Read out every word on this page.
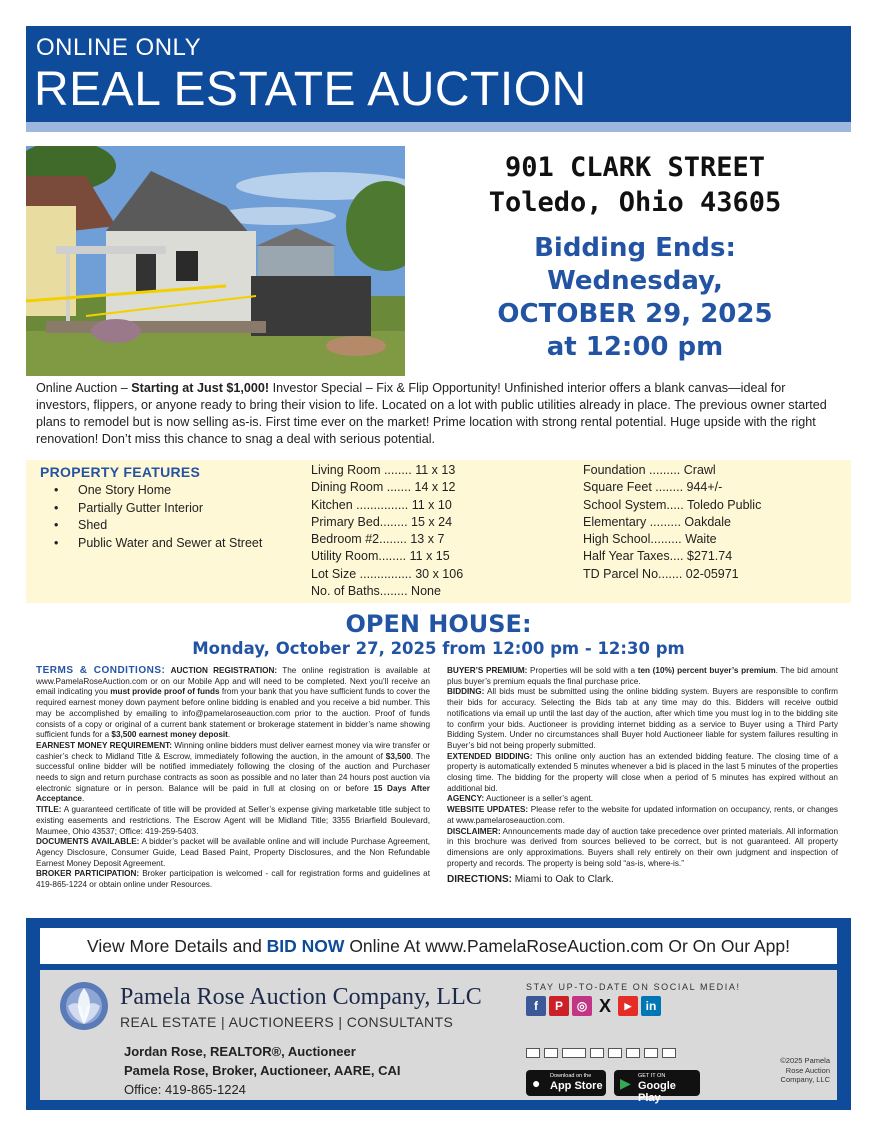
ONLINE ONLY
REAL ESTATE AUCTION
901 CLARK STREET
Toledo, Ohio 43605
Bidding Ends:
Wednesday,
OCTOBER 29, 2025
at 12:00 pm
Online Auction – Starting at Just $1,000! Investor Special – Fix & Flip Opportunity! Unfinished interior offers a blank canvas—ideal for investors, flippers, or anyone ready to bring their vision to life. Located on a lot with public utilities already in place. The previous owner started plans to remodel but is now selling as-is. First time ever on the market! Prime location with strong rental potential. Huge upside with the right renovation! Don’t miss this chance to snag a deal with serious potential.
PROPERTY FEATURES
• One Story Home
• Partially Gutter Interior
• Shed
• Public Water and Sewer at Street
Living Room ........ 11 x 13
Dining Room ....... 14 x 12
Kitchen ............... 11 x 10
Primary Bed........ 15 x 24
Bedroom #2........ 13 x 7
Utility Room........ 11 x 15
Lot Size ............... 30 x 106
No. of Baths........ None
Foundation ......... Crawl
Square Feet ........ 944+/-
School System..... Toledo Public
Elementary ......... Oakdale
High School......... Waite
Half Year Taxes.... $271.74
TD Parcel No....... 02-05971
OPEN HOUSE:
Monday, October 27, 2025 from 12:00 pm - 12:30 pm

TERMS & CONDITIONS: AUCTION REGISTRATION: The online registration is available at www.PamelaRoseAuction.com or on our Mobile App and will need to be completed. Next you’ll receive an email indicating you must provide proof of funds from your bank that you have sufficient funds to cover the required earnest money down payment before online bidding is enabled and you receive a bid number. This may be accomplished by emailing to info@pamelaroseauction.com prior to the auction. Proof of funds consists of a copy or original of a current bank statement or brokerage statement in bidder’s name showing sufficient funds for a $3,500 earnest money deposit.

EARNEST MONEY REQUIREMENT: Winning online bidders must deliver earnest money via wire transfer or cashier’s check to Midland Title & Escrow, immediately following the auction, in the amount of $3,500. The successful online bidder will be notified immediately following the closing of the auction and Purchaser needs to sign and return purchase contracts as soon as possible and no later than 24 hours post auction via electronic signature or in person. Balance will be paid in full at closing on or before 15 Days After Acceptance.

TITLE: A guaranteed certificate of title will be provided at Seller’s expense giving marketable title subject to existing easements and restrictions. The Escrow Agent will be Midland Title; 3355 Briarfield Boulevard, Maumee, Ohio 43537; Office: 419-259-5403.

DOCUMENTS AVAILABLE: A bidder’s packet will be available online and will include Purchase Agreement, Agency Disclosure, Consumer Guide, Lead Based Paint, Property Disclosures, and the Non Refundable Earnest Money Deposit Agreement.

BROKER PARTICIPATION: Broker participation is welcomed - call for registration forms and guidelines at 419-865-1224 or obtain online under Resources.

BUYER’S PREMIUM: Properties will be sold with a ten (10%) percent buyer’s premium. The bid amount plus buyer’s premium equals the final purchase price.

BIDDING: All bids must be submitted using the online bidding system. Buyers are responsible to confirm their bids for accuracy. Selecting the Bids tab at any time may do this. Bidders will receive outbid notifications via email up until the last day of the auction, after which time you must log in to the bidding site to confirm your bids. Auctioneer is providing internet bidding as a service to Buyer using a Third Party Bidding System. Under no circumstances shall Buyer hold Auctioneer liable for system failures resulting in Buyer’s bid not being properly submitted.

EXTENDED BIDDING: This online only auction has an extended bidding feature. The closing time of a property is automatically extended 5 minutes whenever a bid is placed in the last 5 minutes of the properties closing time. The bidding for the property will close when a period of 5 minutes has expired without an additional bid.

AGENCY: Auctioneer is a seller’s agent.

WEBSITE UPDATES: Please refer to the website for updated information on occupancy, rents, or changes at www.pamelaroseauction.com.

DISCLAIMER: Announcements made day of auction take precedence over printed materials. All information in this brochure was derived from sources believed to be correct, but is not guaranteed. All property dimensions are only approximations. Buyers shall rely entirely on their own judgment and inspection of property and records. The property is being sold “as-is, where-is.”

DIRECTIONS: Miami to Oak to Clark.

View More Details and BID NOW Online At www.PamelaRoseAuction.com Or On Our App!
Pamela Rose Auction Company, LLC
REAL ESTATE | AUCTIONEERS | CONSULTANTS
Jordan Rose, REALTOR®, Auctioneer
Pamela Rose, Broker, Auctioneer, AARE, CAI
Office: 419-865-1224
STAY UP-TO-DATE ON SOCIAL MEDIA!
f	P	◎ X	▶	in
● Download on the
App Store ▶ GET IT ON
Google Play
©2025 Pamela Rose Auction Company, LLC
